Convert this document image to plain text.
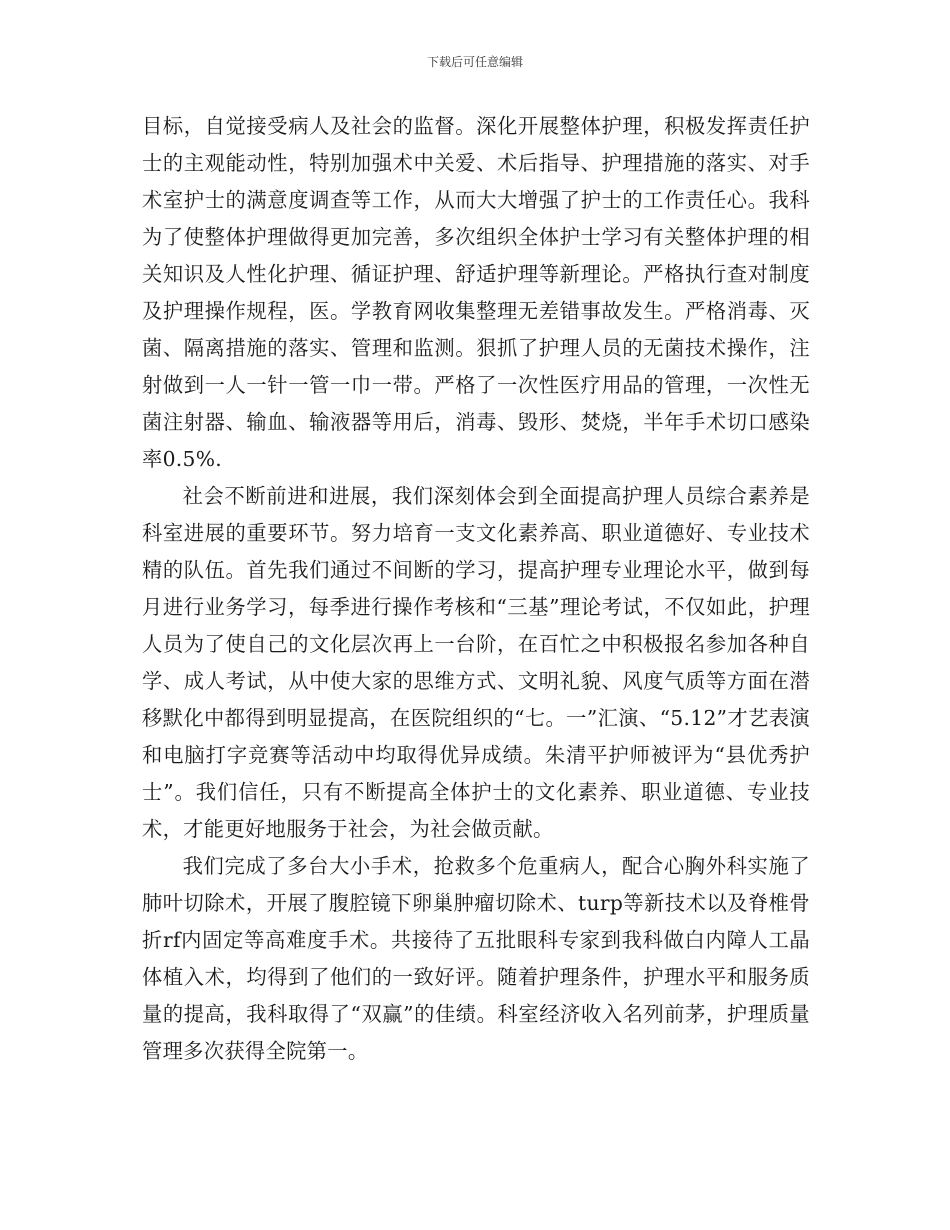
下载后可任意编辑

目标，自觉接受病人及社会的监督。深化开展整体护理，积极发挥责任护士的主观能动性，特别加强术中关爱、术后指导、护理措施的落实、对手术室护士的满意度调查等工作，从而大大增强了护士的工作责任心。我科为了使整体护理做得更加完善，多次组织全体护士学习有关整体护理的相关知识及人性化护理、循证护理、舒适护理等新理论。严格执行查对制度及护理操作规程，医。学教育网收集整理无差错事故发生。严格消毒、灭菌、隔离措施的落实、管理和监测。狠抓了护理人员的无菌技术操作，注射做到一人一针一管一巾一带。严格了一次性医疗用品的管理，一次性无菌注射器、输血、输液器等用后，消毒、毁形、焚烧，半年手术切口感染率0.5%.

社会不断前进和进展，我们深刻体会到全面提高护理人员综合素养是科室进展的重要环节。努力培育一支文化素养高、职业道德好、专业技术精的队伍。首先我们通过不间断的学习，提高护理专业理论水平，做到每月进行业务学习，每季进行操作考核和“三基”理论考试，不仅如此，护理人员为了使自己的文化层次再上一台阶，在百忙之中积极报名参加各种自学、成人考试，从中使大家的思维方式、文明礼貌、风度气质等方面在潜移默化中都得到明显提高，在医院组织的“七。一”汇演、“5.12”才艺表演和电脑打字竞赛等活动中均取得优异成绩。朱清平护师被评为“县优秀护士”。我们信任，只有不断提高全体护士的文化素养、职业道德、专业技术，才能更好地服务于社会，为社会做贡献。

我们完成了多台大小手术，抢救多个危重病人，配合心胸外科实施了肺叶切除术，开展了腹腔镜下卵巢肿瘤切除术、turp等新技术以及脊椎骨折rf内固定等高难度手术。共接待了五批眼科专家到我科做白内障人工晶体植入术，均得到了他们的一致好评。随着护理条件，护理水平和服务质量的提高，我科取得了“双赢”的佳绩。科室经济收入名列前茅，护理质量管理多次获得全院第一。
